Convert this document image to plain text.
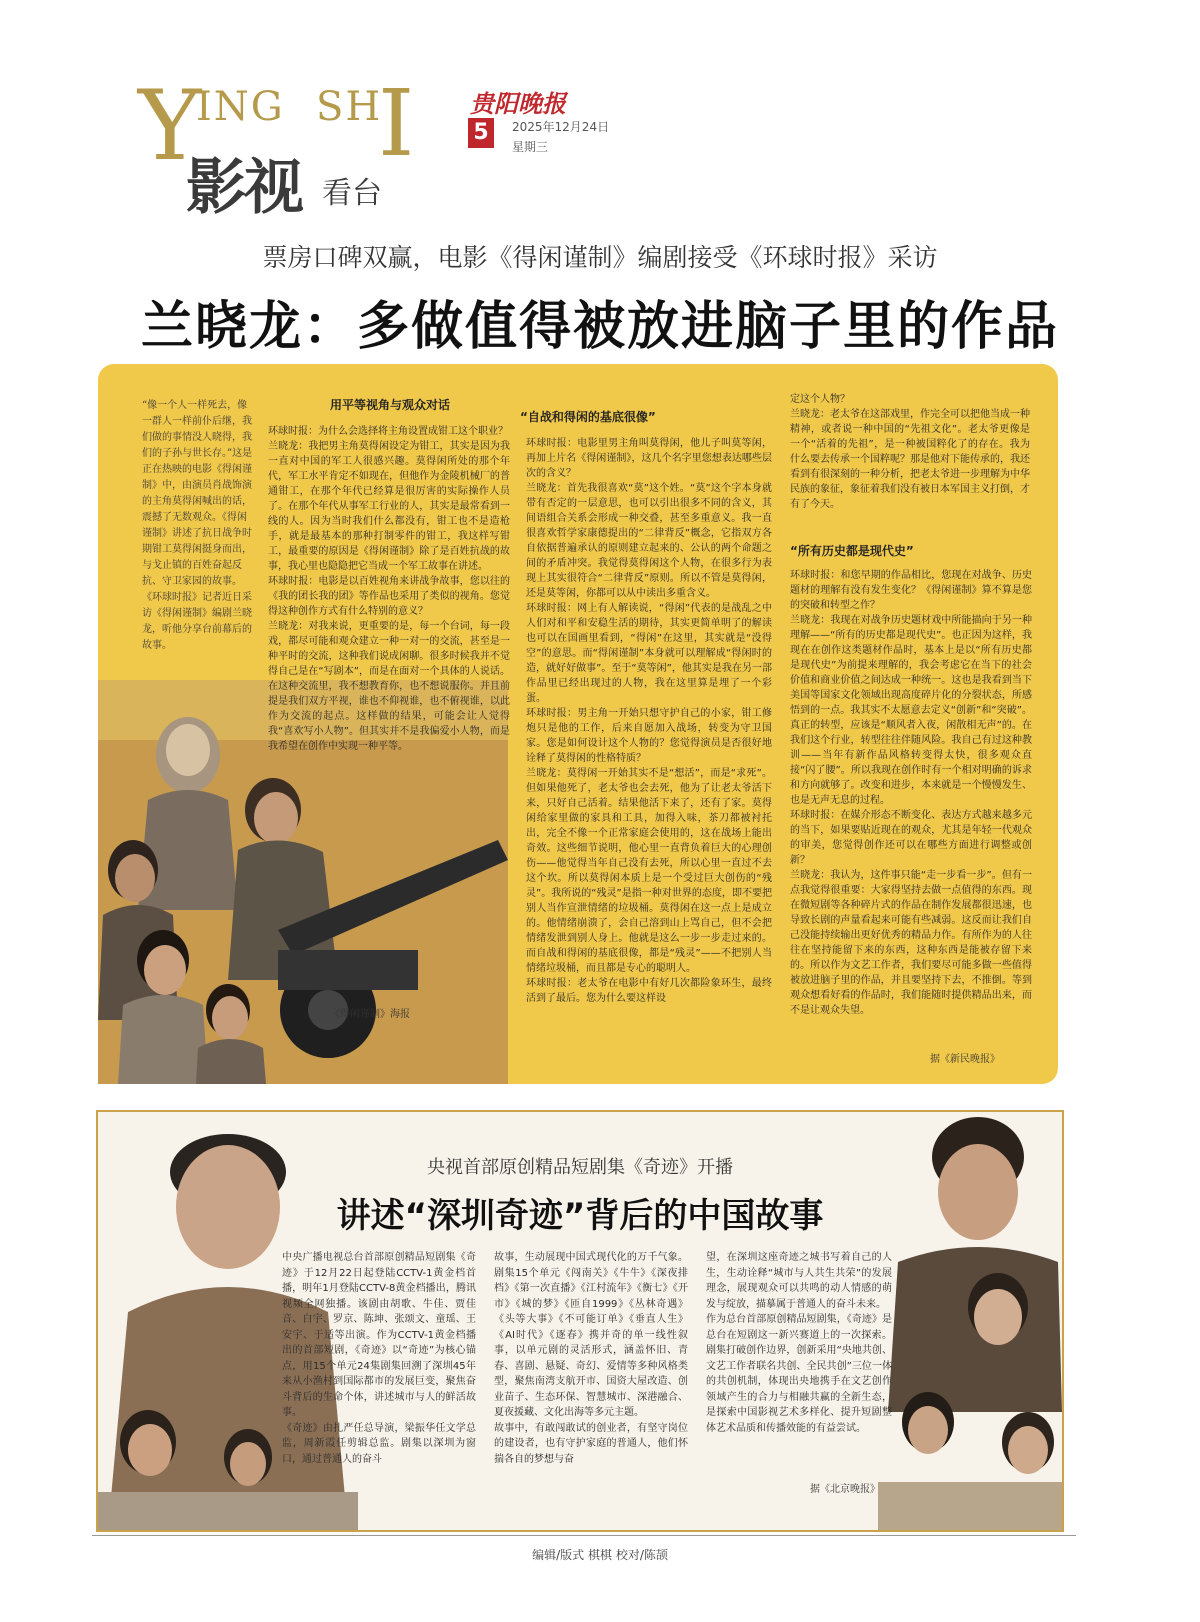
Y
ING SH
I
影视 看台
贵阳晚报
5	2025年12月24日
星期三
票房口碑双赢，电影《得闲谨制》编剧接受《环球时报》采访
兰晓龙：多做值得被放进脑子里的作品
“像一个人一样死去，像一群人一样前仆后继，我们做的事情没人晓得，我们的子孙与世长存。”这是正在热映的电影《得闲谨制》中，由演员肖战饰演的主角莫得闲喊出的话，震撼了无数观众。《得闲谨制》讲述了抗日战争时期钳工莫得闲挺身而出，与戈止镇的百姓奋起反抗、守卫家园的故事。《环球时报》记者近日采访《得闲谨制》编剧兰晓龙，听他分享台前幕后的故事。
《得闲谨制》海报
用平等视角与观众对话
环球时报：为什么会选择将主角设置成钳工这个职业？
兰晓龙：我把男主角莫得闲设定为钳工，其实是因为我一直对中国的军工人很感兴趣。莫得闲所处的那个年代，军工水平肯定不如现在，但他作为金陵机械厂的普通钳工，在那个年代已经算是很厉害的实际操作人员了。在那个年代从事军工行业的人，其实是最常看到一线的人。因为当时我们什么都没有，钳工也不是造枪手，就是最基本的那种打制零件的钳工，我这样写钳工，最重要的原因是《得闲谨制》除了是百姓抗战的故事，我心里也隐隐把它当成一个军工故事在讲述。
环球时报：电影是以百姓视角来讲战争故事，您以往的《我的团长我的团》等作品也采用了类似的视角。您觉得这种创作方式有什么特别的意义？
兰晓龙：对我来说，更重要的是，每一个台词，每一段戏，都尽可能和观众建立一种一对一的交流，甚至是一种平时的交流，这种我们说成闲聊。很多时候我并不觉得自己是在“写剧本”，而是在面对一个具体的人说话。在这种交流里，我不想教育你，也不想说服你。并且前提是我们双方平视，谁也不仰视谁，也不俯视谁，以此作为交流的起点。这样做的结果，可能会让人觉得我“喜欢写小人物”。但其实并不是我偏爱小人物，而是我希望在创作中实现一种平等。
“自战和得闲的基底很像”
环球时报：电影里男主角叫莫得闲，他儿子叫莫等闲，再加上片名《得闲谨制》，这几个名字里您想表达哪些层次的含义？
兰晓龙：首先我很喜欢“莫”这个姓。“莫”这个字本身就带有否定的一层意思，也可以引出很多不同的含义，其间语组合关系会形成一种交叠，甚至多重意义。我一直很喜欢哲学家康德提出的“二律背反”概念，它指双方各自依据普遍承认的原则建立起来的、公认的两个命题之间的矛盾冲突。我觉得莫得闲这个人物，在很多行为表现上其实很符合“二律背反”原则。所以不管是莫得闲，还是莫等闲，你都可以从中读出多重含义。
环球时报：网上有人解读说，“得闲”代表的是战乱之中人们对和平和安稳生活的期待，其实更简单明了的解读也可以在国画里看到，“得闲”在这里，其实就是“没得空”的意思。而“得闲谨制”本身就可以理解成“得闲时的造，就好好做事”。至于“莫等闲”，他其实是我在另一部作品里已经出现过的人物，我在这里算是埋了一个彩蛋。
环球时报：男主角一开始只想守护自己的小家，钳工修炮只是他的工作，后来自愿加入战场，转变为守卫国家。您是如何设计这个人物的？您觉得演员是否很好地诠释了莫得闲的性格特质？
兰晓龙：莫得闲一开始其实不是“想活”，而是“求死”。但如果他死了，老太爷也会去死，他为了让老太爷活下来，只好自己活着。结果他活下来了，还有了家。莫得闲给家里做的家具和工具，加得入味，茶刀都被衬托出，完全不像一个正常家庭会使用的，这在战场上能出奇效。这些细节说明，他心里一直背负着巨大的心理创伤——他觉得当年自己没有去死，所以心里一直过不去这个坎。所以莫得闲本质上是一个受过巨大创伤的“残灵”。我所说的“残灵”是指一种对世界的态度，即不要把别人当作宣泄情绪的垃圾桶。莫得闲在这一点上是成立的。他情绪崩溃了，会自己溶到山上骂自己，但不会把情绪发泄到别人身上。他就是这么一步一步走过来的。而自战和得闲的基底很像，都是“残灵”——不把别人当情绪垃圾桶，而且都是专心的聪明人。
环球时报：老太爷在电影中有好几次都险象环生，最终活到了最后。您为什么要这样设
定这个人物？
兰晓龙：老太爷在这部戏里，作完全可以把他当成一种精神，或者说一种中国的“先祖文化”。老太爷更像是一个“活着的先祖”，是一种被国粹化了的存在。我为什么要去传承一个国粹呢？那是他对下能传承的，我还看到有很深刻的一种分析，把老太爷进一步理解为中华民族的象征，象征着我们没有被日本军国主义打倒，才有了今天。
“所有历史都是现代史”
环球时报：和您早期的作品相比，您现在对战争、历史题材的理解有没有发生变化？《得闲谨制》算不算是您的突破和转型之作？
兰晓龙：我现在对战争历史题材戏中所能描向于另一种理解——“所有的历史都是现代史”。也正因为这样，我现在在创作这类题材作品时，基本上是以“所有历史都是现代史”为前提来理解的，我会考虑它在当下的社会价值和商业价值之间达成一种统一。这也是我看到当下美国等国家文化领域出现高度碎片化的分裂状态，所感悟到的一点。我其实不太愿意去定义“创新”和“突破”。真正的转型，应该是“顺风者入夜，闲散相无声”的。在我们这个行业，转型往往伴随风险。我自己有过这种教训——当年有新作品风格转变得太快，很多观众直接“闪了腰”。所以我现在创作时有一个相对明确的诉求和方向就够了。改变和进步，本来就是一个慢慢发生、也是无声无息的过程。
环球时报：在媒介形态不断变化、表达方式越来越多元的当下，如果要贴近现在的观众，尤其是年轻一代观众的审美，您觉得创作还可以在哪些方面进行调整或创新？
兰晓龙：我认为，这件事只能“走一步看一步”。但有一点我觉得很重要：大家得坚持去做一点值得的东西。现在微短剧等各种碎片式的作品在制作发展都很迅速，也导致长剧的声量看起来可能有些减弱。这反而让我们自己没能持续输出更好优秀的精品力作。有所作为的人往往在坚持能留下来的东西，这种东西是能被存留下来的。所以作为文艺工作者，我们要尽可能多做一些值得被放进脑子里的作品，并且要坚持下去，不推倒。等到观众想看好看的作品时，我们能随时提供精品出来，而不是让观众失望。
据《新民晚报》
央视首部原创精品短剧集《奇迹》开播
讲述“深圳奇迹”背后的中国故事
中央广播电视总台首部原创精品短剧集《奇迹》于12月22日起登陆CCTV-1黄金档首播，明年1月登陆CCTV-8黄金档播出，腾讯视频全网独播。该剧由胡歌、牛佳、贾佳音、白宇、罗京、陈坤、张颂文、童瑶、王安宇、于适等出演。作为CCTV-1黄金档播出的首部短剧，《奇迹》以“奇迹”为核心锚点，用15个单元24集剧集回溯了深圳45年来从小渔村到国际都市的发展巨变，聚焦奋斗背后的生命个体，讲述城市与人的鲜活故事。
《奇迹》由扎严任总导演，梁振华任文学总监，周新霞任剪辑总监。剧集以深圳为窗口，通过普通人的奋斗
故事，生动展现中国式现代化的万千气象。剧集15个单元《闯南关》《牛牛》《深夜排档》《第一次直播》《江村流年》《衡七》《开市》《城的梦》《匝自1999》《丛林奇遇》《头等大事》《不可能订单》《垂直人生》《AI时代》《逐春》携并奇的单一线性叙事，以单元剧的灵活形式，涵盖怀旧、青春、喜剧、悬疑、奇幻、爱情等多种风格类型，聚焦南湾支航开市、国资大屋改造、创业苗子、生态环保、智慧城市、深港融合、夏夜援藏、文化出海等多元主题。
故事中，有敢闯敢试的创业者，有坚守岗位的建设者，也有守护家庭的普通人，他们怀揣各自的梦想与奋
望，在深圳这座奇迹之城书写着自己的人生，生动诠释“城市与人共生共荣”的发展理念，展现观众可以共鸣的动人情感的萌发与绽放，描摹属于普通人的奋斗未来。
作为总台首部原创精品短剧集，《奇迹》是总台在短剧这一新兴赛道上的一次探索。剧集打破创作边界，创新采用“央地共创、文艺工作者联名共创、全民共创”三位一体的共创机制，体现出央地携手在文艺创作领域产生的合力与相融共赢的全新生态，是探索中国影视艺术多样化、提升短剧整体艺术品质和传播效能的有益尝试。
据《北京晚报》
编辑/版式 棋棋 校对/陈颉
